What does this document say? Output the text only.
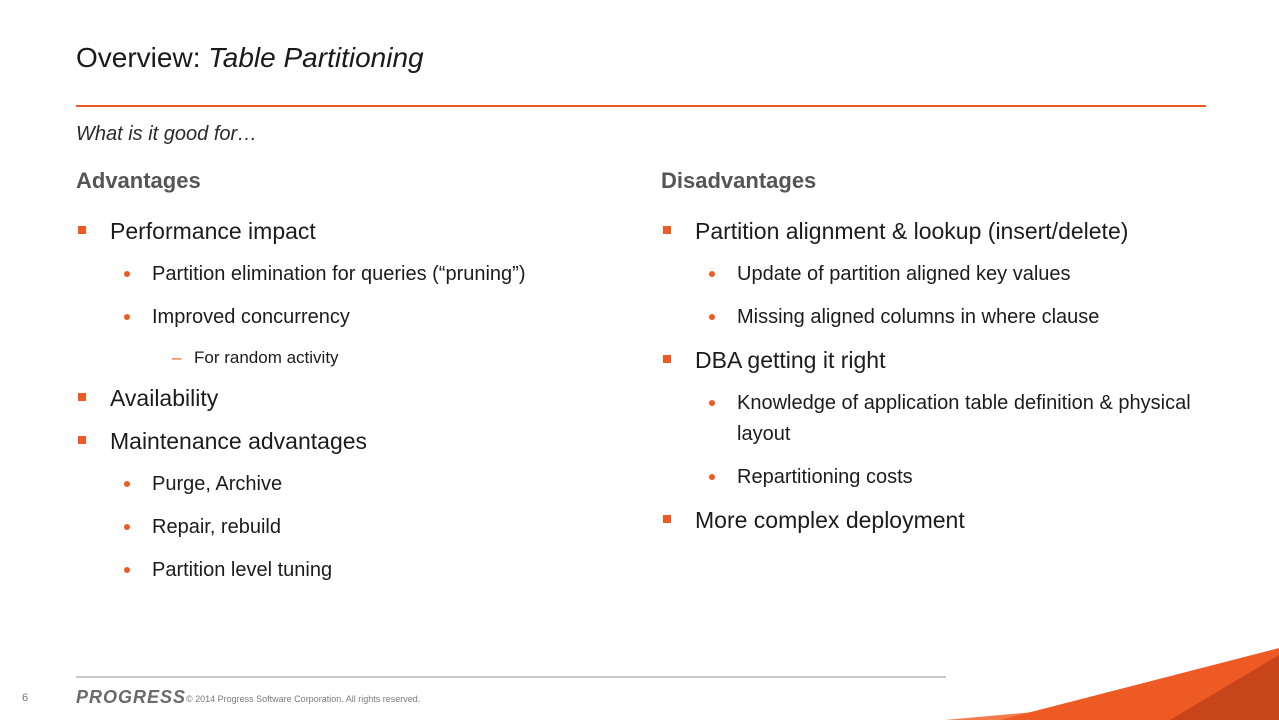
Overview: Table Partitioning
What is it good for…
Advantages
Performance impact
Partition elimination for queries (“pruning”)
Improved concurrency
– For random activity
Availability
Maintenance advantages
Purge, Archive
Repair, rebuild
Partition level tuning
Disadvantages
Partition alignment & lookup (insert/delete)
Update of partition aligned key values
Missing aligned columns in where clause
DBA getting it right
Knowledge of application table definition & physical layout
Repartitioning costs
More complex deployment
6	PROGRESS © 2014 Progress Software Corporation. All rights reserved.
